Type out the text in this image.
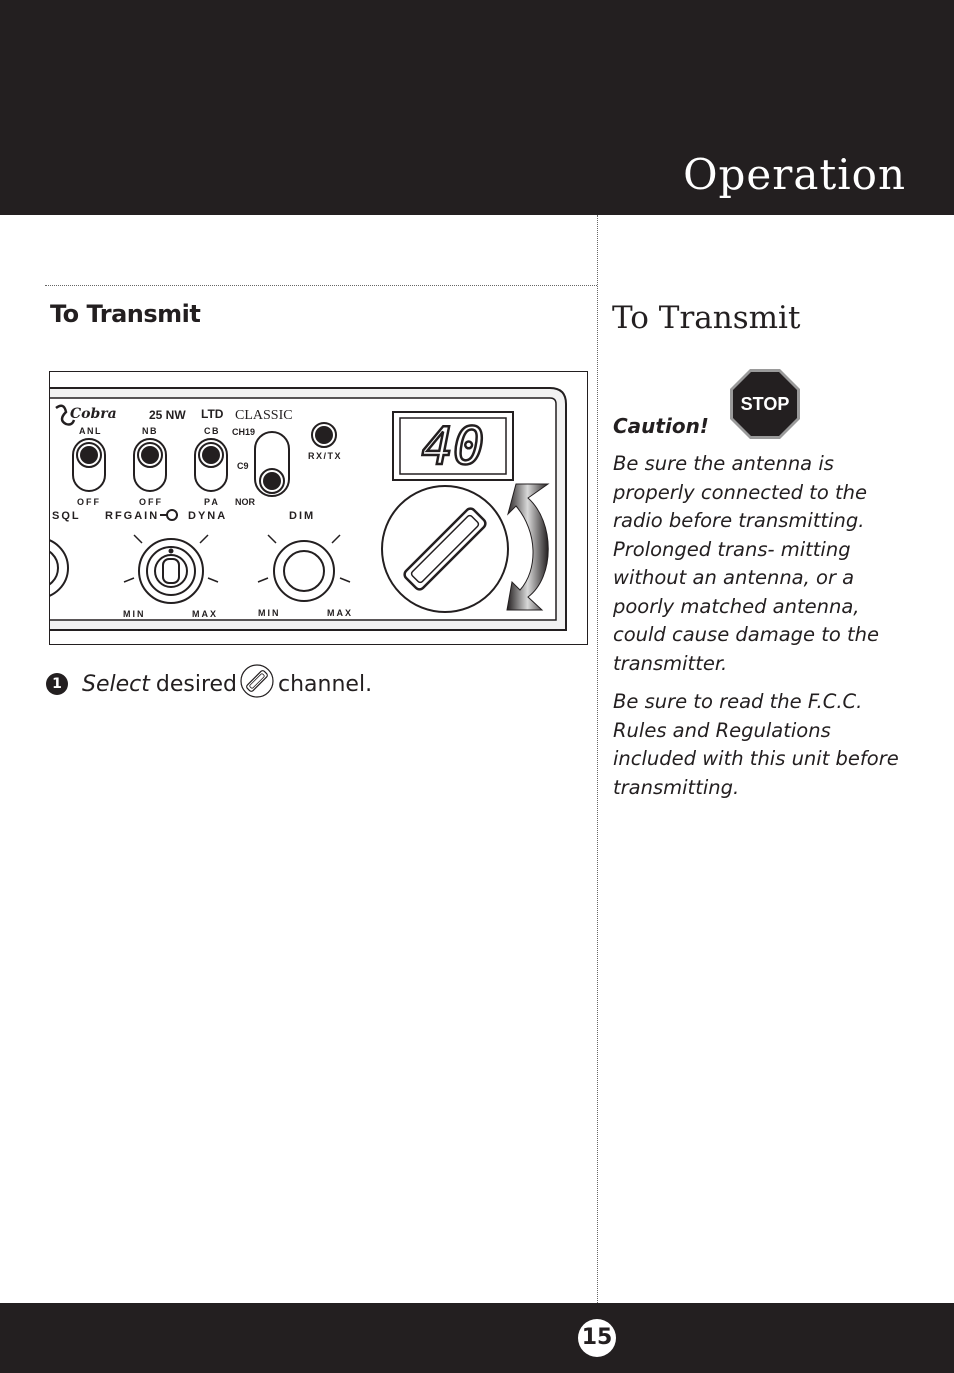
Operation
To Transmit	To Transmit
Cobra	25 NW LTD CLASSIC
ANL
OFF
NB
OFF
CB
PA
CH19
C9
NOR
RX/TX 40
SQL RFGAIN	DYNA	DIM
MIN	MAX	MIN	MAX
1 Select desired channel.
STOP
Caution!

Be sure the antenna is properly connected to the radio before transmitting. Prolonged trans- mitting without an antenna, or a poorly matched antenna, could cause damage to the transmitter.

Be sure to read the F.C.C. Rules and Regulations included with this unit before transmitting.

15
